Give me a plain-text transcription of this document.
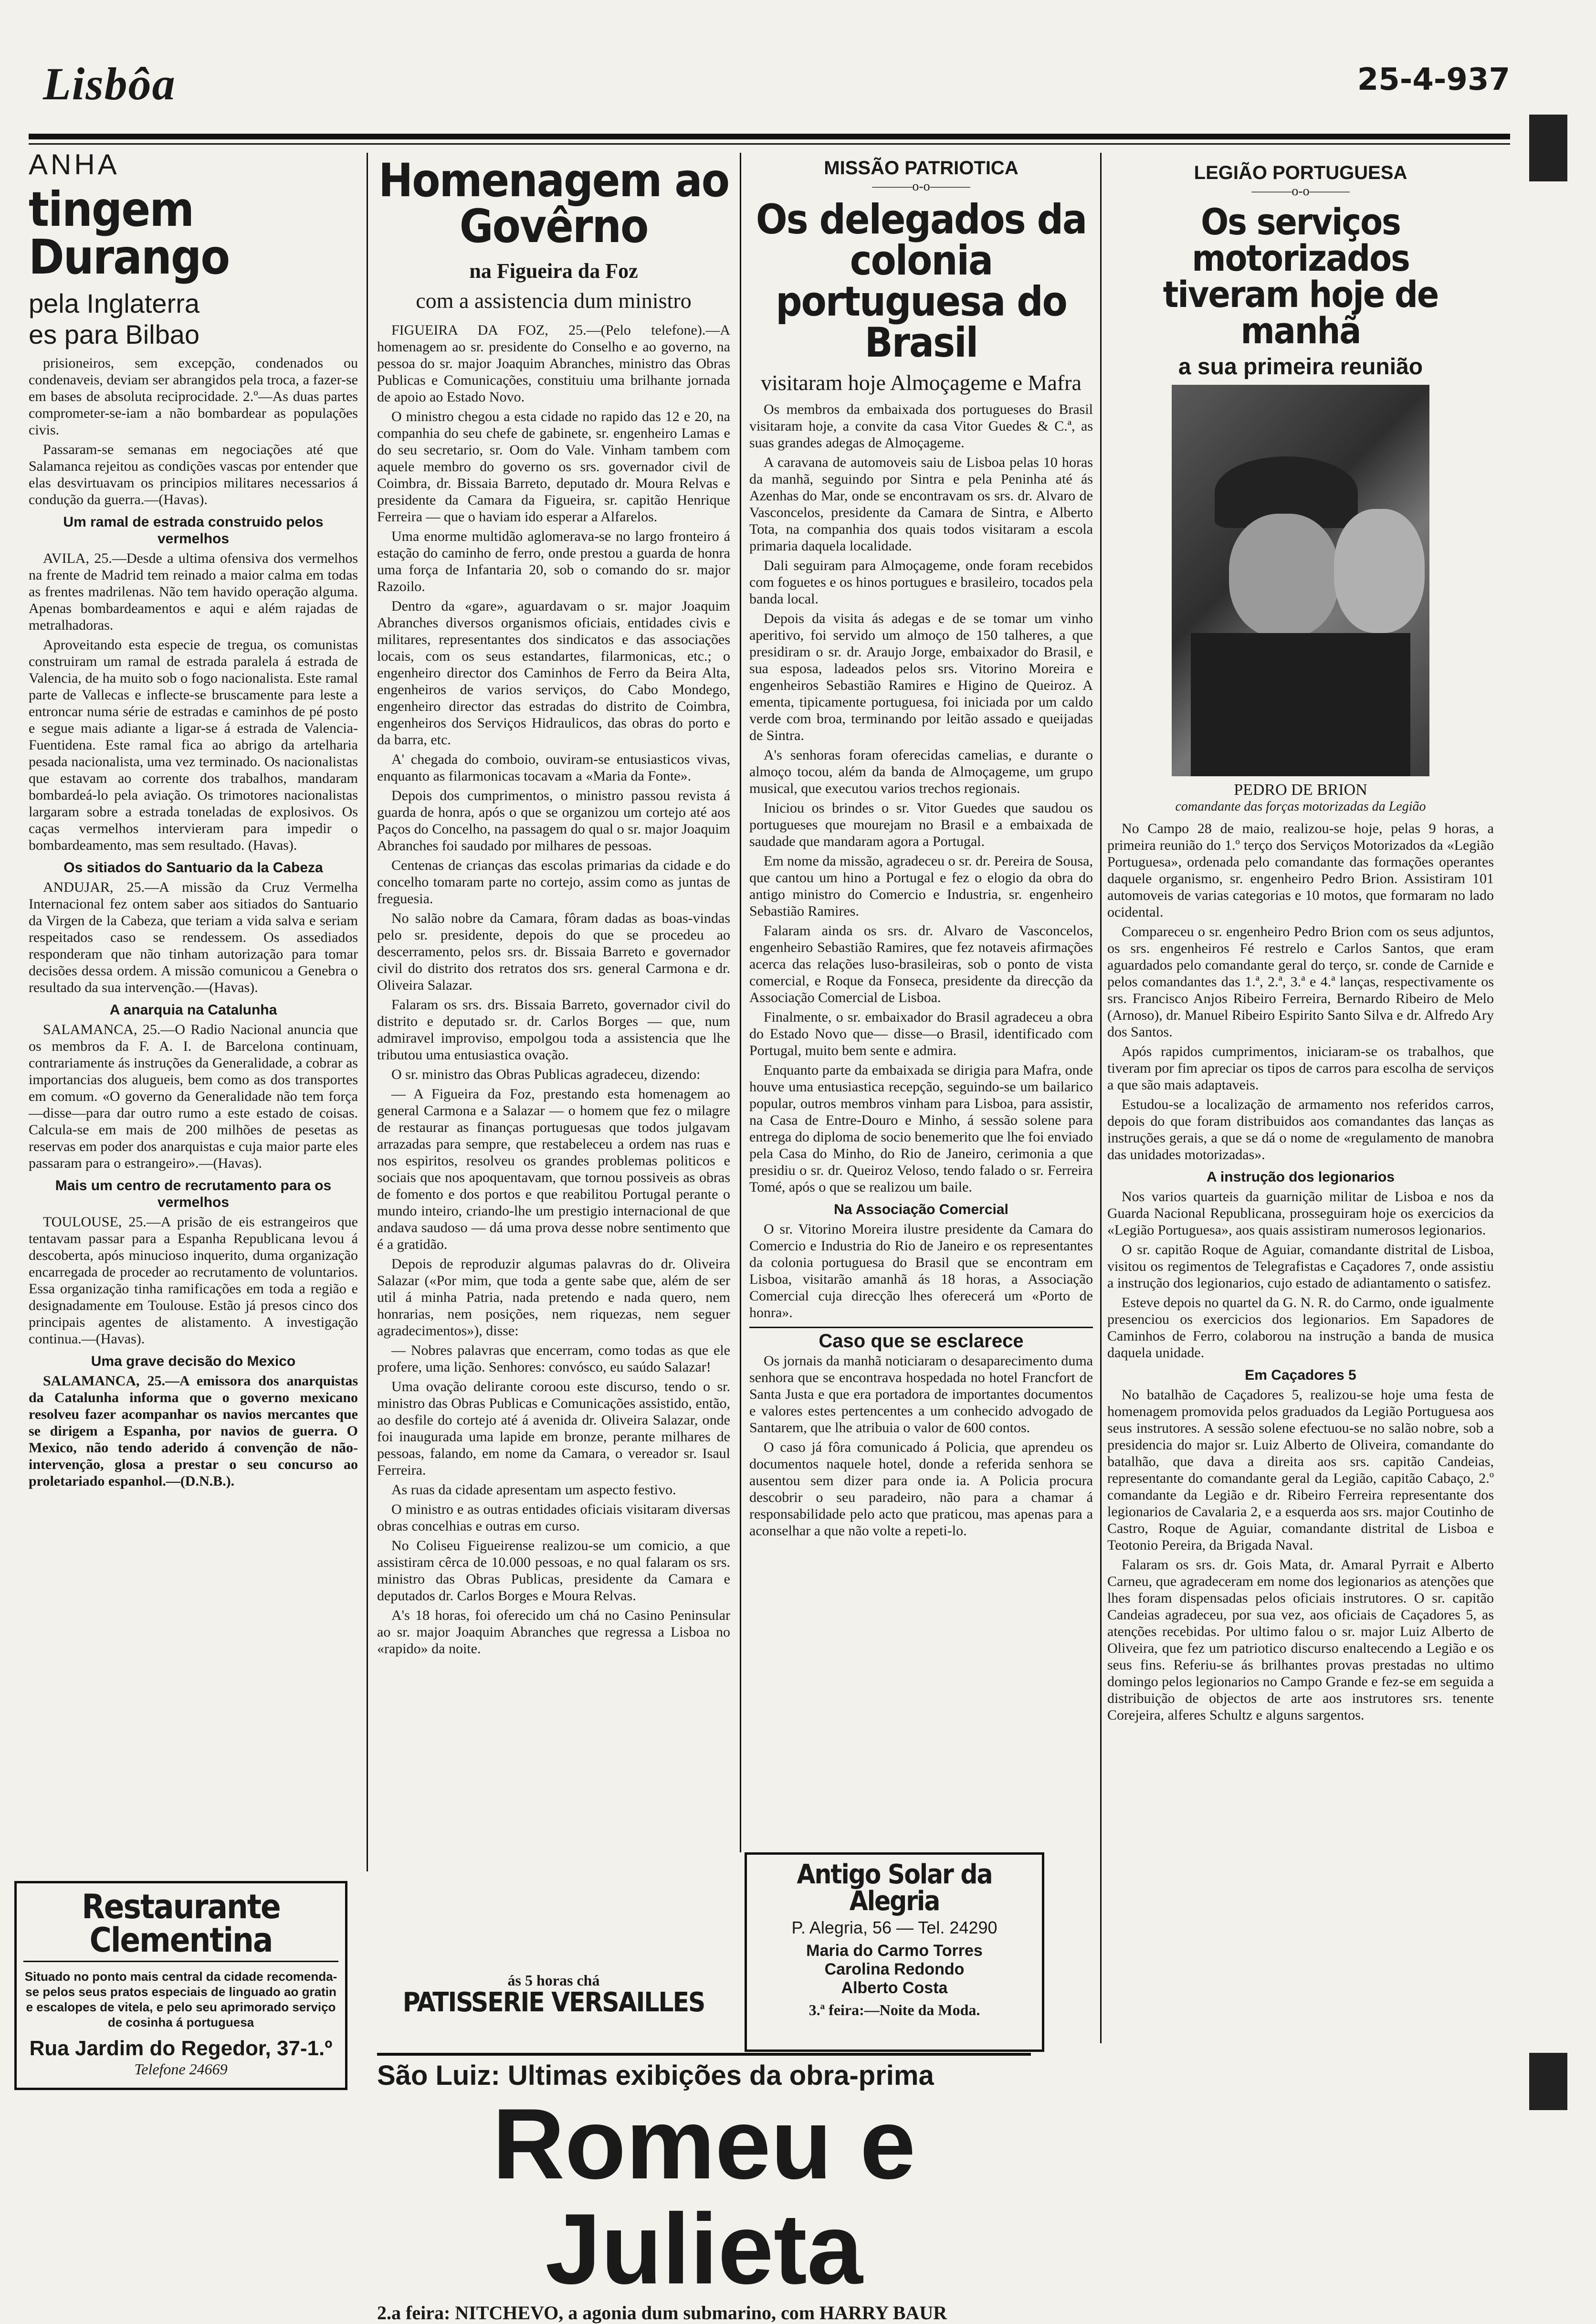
Lisbôa	25-4-937
ANHA
tingem Durango
pela Inglaterra
es para Bilbao

prisioneiros, sem excepção, condenados ou condenaveis, deviam ser abrangidos pela troca, a fazer-se em bases de absoluta reciprocidade. 2.º—As duas partes comprometer-se-iam a não bombardear as populações civis.

Passaram-se semanas em negociações até que Salamanca rejeitou as condições vascas por entender que elas desvirtuavam os principios militares necessarios á condução da guerra.—(Havas).

Um ramal de estrada construido pelos vermelhos

AVILA, 25.—Desde a ultima ofensiva dos vermelhos na frente de Madrid tem reinado a maior calma em todas as frentes madrilenas. Não tem havido operação alguma. Apenas bombardeamentos e aqui e além rajadas de metralhadoras.

Aproveitando esta especie de tregua, os comunistas construiram um ramal de estrada paralela á estrada de Valencia, de ha muito sob o fogo nacionalista. Este ramal parte de Vallecas e inflecte-se bruscamente para leste a entroncar numa série de estradas e caminhos de pé posto e segue mais adiante a ligar-se á estrada de Valencia-Fuentidena. Este ramal fica ao abrigo da artelharia pesada nacionalista, uma vez terminado. Os nacionalistas que estavam ao corrente dos trabalhos, mandaram bombardeá-lo pela aviação. Os trimotores nacionalistas largaram sobre a estrada toneladas de explosivos. Os caças vermelhos intervieram para impedir o bombardeamento, mas sem resultado. (Havas).

Os sitiados do Santuario da la Cabeza

ANDUJAR, 25.—A missão da Cruz Vermelha Internacional fez ontem saber aos sitiados do Santuario da Virgen de la Cabeza, que teriam a vida salva e seriam respeitados caso se rendessem. Os assediados responderam que não tinham autorização para tomar decisões dessa ordem. A missão comunicou a Genebra o resultado da sua intervenção.—(Havas).

A anarquia na Catalunha

SALAMANCA, 25.—O Radio Nacional anuncia que os membros da F. A. I. de Barcelona continuam, contrariamente ás instruções da Generalidade, a cobrar as importancias dos alugueis, bem como as dos transportes em comum. «O governo da Generalidade não tem força—disse—para dar outro rumo a este estado de coisas. Calcula-se em mais de 200 milhões de pesetas as reservas em poder dos anarquistas e cuja maior parte eles passaram para o estrangeiro».—(Havas).

Mais um centro de recrutamento para os vermelhos

TOULOUSE, 25.—A prisão de eis estrangeiros que tentavam passar para a Espanha Republicana levou á descoberta, após minucioso inquerito, duma organização encarregada de proceder ao recrutamento de voluntarios. Essa organização tinha ramificações em toda a região e designadamente em Toulouse. Estão já presos cinco dos principais agentes de alistamento. A investigação continua.—(Havas).

Uma grave decisão do Mexico

SALAMANCA, 25.—A emissora dos anarquistas da Catalunha informa que o governo mexicano resolveu fazer acompanhar os navios mercantes que se dirigem a Espanha, por navios de guerra. O Mexico, não tendo aderido á convenção de não-intervenção, glosa a prestar o seu concurso ao proletariado espanhol.—(D.N.B.).

Restaurante Clementina
Situado no ponto mais central da cidade recomenda-se pelos seus pratos especiais de linguado ao gratin e escalopes de vitela, e pelo seu aprimorado serviço de cosinha á portuguesa
Rua Jardim do Regedor, 37-1.º
Telefone 24669
Homenagem ao Govêrno
na Figueira da Foz
com a assistencia dum ministro

FIGUEIRA DA FOZ, 25.—(Pelo telefone).—A homenagem ao sr. presidente do Conselho e ao governo, na pessoa do sr. major Joaquim Abranches, ministro das Obras Publicas e Comunicações, constituiu uma brilhante jornada de apoio ao Estado Novo.

O ministro chegou a esta cidade no rapido das 12 e 20, na companhia do seu chefe de gabinete, sr. engenheiro Lamas e do seu secretario, sr. Oom do Vale. Vinham tambem com aquele membro do governo os srs. governador civil de Coimbra, dr. Bissaia Barreto, deputado dr. Moura Relvas e presidente da Camara da Figueira, sr. capitão Henrique Ferreira — que o haviam ido esperar a Alfarelos.

Uma enorme multidão aglomerava-se no largo fronteiro á estação do caminho de ferro, onde prestou a guarda de honra uma força de Infantaria 20, sob o comando do sr. major Razoilo.

Dentro da «gare», aguardavam o sr. major Joaquim Abranches diversos organismos oficiais, entidades civis e militares, representantes dos sindicatos e das associações locais, com os seus estandartes, filarmonicas, etc.; o engenheiro director dos Caminhos de Ferro da Beira Alta, engenheiros de varios serviços, do Cabo Mondego, engenheiro director das estradas do distrito de Coimbra, engenheiros dos Serviços Hidraulicos, das obras do porto e da barra, etc.

A' chegada do comboio, ouviram-se entusiasticos vivas, enquanto as filarmonicas tocavam a «Maria da Fonte».

Depois dos cumprimentos, o ministro passou revista á guarda de honra, após o que se organizou um cortejo até aos Paços do Concelho, na passagem do qual o sr. major Joaquim Abranches foi saudado por milhares de pessoas.

Centenas de crianças das escolas primarias da cidade e do concelho tomaram parte no cortejo, assim como as juntas de freguesia.

No salão nobre da Camara, fôram dadas as boas-vindas pelo sr. presidente, depois do que se procedeu ao descerramento, pelos srs. dr. Bissaia Barreto e governador civil do distrito dos retratos dos srs. general Carmona e dr. Oliveira Salazar.

Falaram os srs. drs. Bissaia Barreto, governador civil do distrito e deputado sr. dr. Carlos Borges — que, num admiravel improviso, empolgou toda a assistencia que lhe tributou uma entusiastica ovação.

O sr. ministro das Obras Publicas agradeceu, dizendo:

— A Figueira da Foz, prestando esta homenagem ao general Carmona e a Salazar — o homem que fez o milagre de restaurar as finanças portuguesas que todos julgavam arrazadas para sempre, que restabeleceu a ordem nas ruas e nos espiritos, resolveu os grandes problemas politicos e sociais que nos apoquentavam, que tornou possiveis as obras de fomento e dos portos e que reabilitou Portugal perante o mundo inteiro, criando-lhe um prestigio internacional de que andava saudoso — dá uma prova desse nobre sentimento que é a gratidão.

Depois de reproduzir algumas palavras do dr. Oliveira Salazar («Por mim, que toda a gente sabe que, além de ser util á minha Patria, nada pretendo e nada quero, nem honrarias, nem posições, nem riquezas, nem seguer agradecimentos»), disse:

— Nobres palavras que encerram, como todas as que ele profere, uma lição. Senhores: convósco, eu saúdo Salazar!

Uma ovação delirante coroou este discurso, tendo o sr. ministro das Obras Publicas e Comunicações assistido, então, ao desfile do cortejo até á avenida dr. Oliveira Salazar, onde foi inaugurada uma lapide em bronze, perante milhares de pessoas, falando, em nome da Camara, o vereador sr. Isaul Ferreira.

As ruas da cidade apresentam um aspecto festivo.

O ministro e as outras entidades oficiais visitaram diversas obras concelhias e outras em curso.

No Coliseu Figueirense realizou-se um comicio, a que assistiram cêrca de 10.000 pessoas, e no qual falaram os srs. ministro das Obras Publicas, presidente da Camara e deputados dr. Carlos Borges e Moura Relvas.

A's 18 horas, foi oferecido um chá no Casino Peninsular ao sr. major Joaquim Abranches que regressa a Lisboa no «rapido» da noite.

ás 5 horas chá
PATISSERIE VERSAILLES
MISSÃO PATRIOTICA
———o-o———
Os delegados da colonia
portuguesa do Brasil
visitaram hoje Almoçageme e Mafra

Os membros da embaixada dos portugueses do Brasil visitaram hoje, a convite da casa Vitor Guedes & C.ª, as suas grandes adegas de Almoçageme.

A caravana de automoveis saiu de Lisboa pelas 10 horas da manhã, seguindo por Sintra e pela Peninha até ás Azenhas do Mar, onde se encontravam os srs. dr. Alvaro de Vasconcelos, presidente da Camara de Sintra, e Alberto Tota, na companhia dos quais todos visitaram a escola primaria daquela localidade.

Dali seguiram para Almoçageme, onde foram recebidos com foguetes e os hinos portugues e brasileiro, tocados pela banda local.

Depois da visita ás adegas e de se tomar um vinho aperitivo, foi servido um almoço de 150 talheres, a que presidiram o sr. dr. Araujo Jorge, embaixador do Brasil, e sua esposa, ladeados pelos srs. Vitorino Moreira e engenheiros Sebastião Ramires e Higino de Queiroz. A ementa, tipicamente portuguesa, foi iniciada por um caldo verde com broa, terminando por leitão assado e queijadas de Sintra.

A's senhoras foram oferecidas camelias, e durante o almoço tocou, além da banda de Almoçageme, um grupo musical, que executou varios trechos regionais.

Iniciou os brindes o sr. Vitor Guedes que saudou os portugueses que mourejam no Brasil e a embaixada de saudade que mandaram agora a Portugal.

Em nome da missão, agradeceu o sr. dr. Pereira de Sousa, que cantou um hino a Portugal e fez o elogio da obra do antigo ministro do Comercio e Industria, sr. engenheiro Sebastião Ramires.

Falaram ainda os srs. dr. Alvaro de Vasconcelos, engenheiro Sebastião Ramires, que fez notaveis afirmações acerca das relações luso-brasileiras, sob o ponto de vista comercial, e Roque da Fonseca, presidente da direcção da Associação Comercial de Lisboa.

Finalmente, o sr. embaixador do Brasil agradeceu a obra do Estado Novo que— disse—o Brasil, identificado com Portugal, muito bem sente e admira.

Enquanto parte da embaixada se dirigia para Mafra, onde houve uma entusiastica recepção, seguindo-se um bailarico popular, outros membros vinham para Lisboa, para assistir, na Casa de Entre-Douro e Minho, á sessão solene para entrega do diploma de socio benemerito que lhe foi enviado pela Casa do Minho, do Rio de Janeiro, cerimonia a que presidiu o sr. dr. Queiroz Veloso, tendo falado o sr. Ferreira Tomé, após o que se realizou um baile.

Na Associação Comercial

O sr. Vitorino Moreira ilustre presidente da Camara do Comercio e Industria do Rio de Janeiro e os representantes da colonia portuguesa do Brasil que se encontram em Lisboa, visitarão amanhã ás 18 horas, a Associação Comercial cuja direcção lhes oferecerá um «Porto de honra».

Caso que se esclarece

Os jornais da manhã noticiaram o desaparecimento duma senhora que se encontrava hospedada no hotel Francfort de Santa Justa e que era portadora de importantes documentos e valores estes pertencentes a um conhecido advogado de Santarem, que lhe atribuia o valor de 600 contos.

O caso já fôra comunicado á Policia, que aprendeu os documentos naquele hotel, donde a referida senhora se ausentou sem dizer para onde ia. A Policia procura descobrir o seu paradeiro, não para a chamar á responsabilidade pelo acto que praticou, mas apenas para a aconselhar a que não volte a repeti-lo.

Antigo Solar da Alegria
P. Alegria, 56 — Tel. 24290
Maria do Carmo Torres
Carolina Redondo
Alberto Costa
3.ª feira:—Noite da Moda.
LEGIÃO PORTUGUESA
———o-o———
Os serviços motorizados
tiveram hoje de manhã
a sua primeira reunião
PEDRO DE BRION
comandante das forças motorizadas da Legião

No Campo 28 de maio, realizou-se hoje, pelas 9 horas, a primeira reunião do 1.º terço dos Serviços Motorizados da «Legião Portuguesa», ordenada pelo comandante das formações operantes daquele organismo, sr. engenheiro Pedro Brion. Assistiram 101 automoveis de varias categorias e 10 motos, que formaram no lado ocidental.

Compareceu o sr. engenheiro Pedro Brion com os seus adjuntos, os srs. engenheiros Fé restrelo e Carlos Santos, que eram aguardados pelo comandante geral do terço, sr. conde de Carnide e pelos comandantes das 1.ª, 2.ª, 3.ª e 4.ª lanças, respectivamente os srs. Francisco Anjos Ribeiro Ferreira, Bernardo Ribeiro de Melo (Arnoso), dr. Manuel Ribeiro Espirito Santo Silva e dr. Alfredo Ary dos Santos.

Após rapidos cumprimentos, iniciaram-se os trabalhos, que tiveram por fim apreciar os tipos de carros para escolha de serviços a que são mais adaptaveis.

Estudou-se a localização de armamento nos referidos carros, depois do que foram distribuidos aos comandantes das lanças as instruções gerais, a que se dá o nome de «regulamento de manobra das unidades motorizadas».

A instrução dos legionarios

Nos varios quarteis da guarnição militar de Lisboa e nos da Guarda Nacional Republicana, prosseguiram hoje os exercicios da «Legião Portuguesa», aos quais assistiram numerosos legionarios.

O sr. capitão Roque de Aguiar, comandante distrital de Lisboa, visitou os regimentos de Telegrafistas e Caçadores 7, onde assistiu a instrução dos legionarios, cujo estado de adiantamento o satisfez.

Esteve depois no quartel da G. N. R. do Carmo, onde igualmente presenciou os exercicios dos legionarios. Em Sapadores de Caminhos de Ferro, colaborou na instrução a banda de musica daquela unidade.

Em Caçadores 5

No batalhão de Caçadores 5, realizou-se hoje uma festa de homenagem promovida pelos graduados da Legião Portuguesa aos seus instrutores. A sessão solene efectuou-se no salão nobre, sob a presidencia do major sr. Luiz Alberto de Oliveira, comandante do batalhão, que dava a direita aos srs. capitão Candeias, representante do comandante geral da Legião, capitão Cabaço, 2.º comandante da Legião e dr. Ribeiro Ferreira representante dos legionarios de Cavalaria 2, e a esquerda aos srs. major Coutinho de Castro, Roque de Aguiar, comandante distrital de Lisboa e Teotonio Pereira, da Brigada Naval.

Falaram os srs. dr. Gois Mata, dr. Amaral Pyrrait e Alberto Carneu, que agradeceram em nome dos legionarios as atenções que lhes foram dispensadas pelos oficiais instrutores. O sr. capitão Candeias agradeceu, por sua vez, aos oficiais de Caçadores 5, as atenções recebidas. Por ultimo falou o sr. major Luiz Alberto de Oliveira, que fez um patriotico discurso enaltecendo a Legião e os seus fins. Referiu-se ás brilhantes provas prestadas no ultimo domingo pelos legionarios no Campo Grande e fez-se em seguida a distribuição de objectos de arte aos instrutores srs. tenente Corejeira, alferes Schultz e alguns sargentos.

São Luiz: Ultimas exibições da obra-prima
Romeu e Julieta
2.a feira: NITCHEVO, a agonia dum submarino, com HARRY BAUR
